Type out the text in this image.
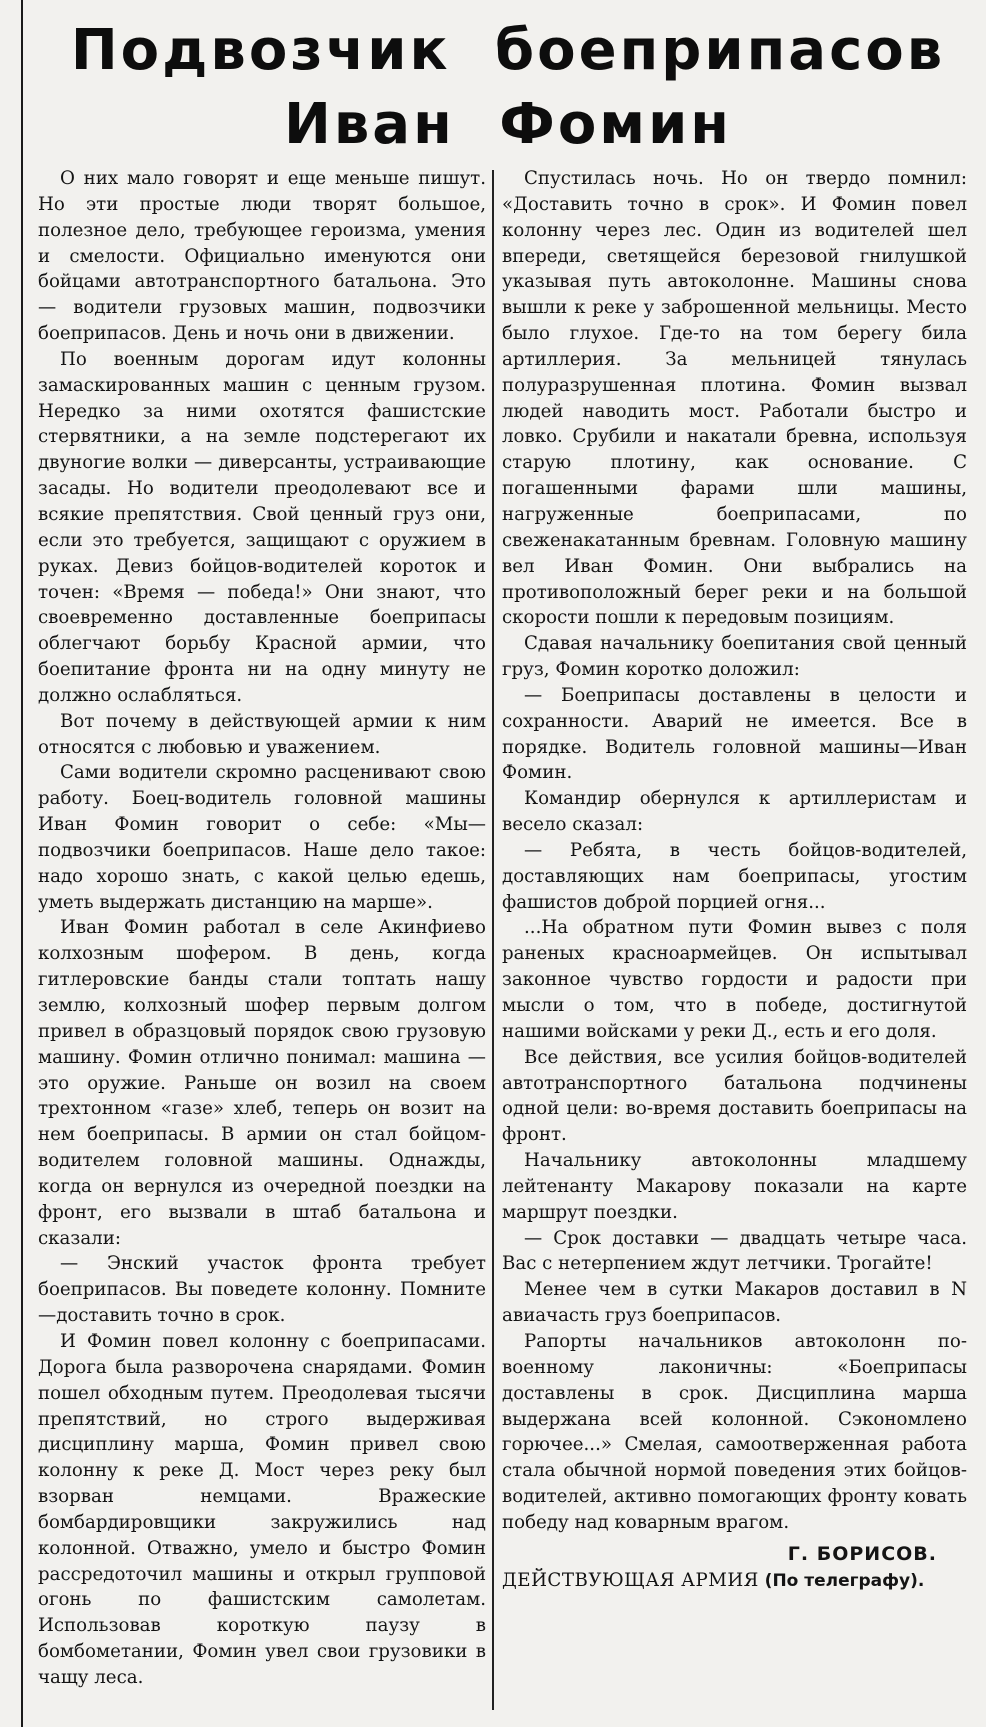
Подвозчик боеприпасов
Иван Фомин

О них мало говорят и еще меньше пишут. Но эти простые люди творят большое, полезное дело, требующее героизма, умения и смелости. Официально именуются они бойцами автотранспортного батальона. Это — водители грузовых машин, подвозчики боеприпасов. День и ночь они в движении.

По военным дорогам идут колонны замаскированных машин с ценным грузом. Нередко за ними охотятся фашистские стервятники, а на земле подстерегают их двуногие волки — диверсанты, устраивающие засады. Но водители преодолевают все и всякие препятствия. Свой ценный груз они, если это требуется, защищают с оружием в руках. Девиз бойцов-водителей короток и точен: «Время — победа!» Они знают, что своевременно доставленные боеприпасы облегчают борьбу Красной армии, что боепитание фронта ни на одну минуту не должно ослабляться.

Вот почему в действующей армии к ним относятся с любовью и уважением.

Сами водители скромно расценивают свою работу. Боец-водитель головной машины Иван Фомин говорит о себе: «Мы—подвозчики боеприпасов. Наше дело такое: надо хорошо знать, с какой целью едешь, уметь выдержать дистанцию на марше».

Иван Фомин работал в селе Акинфиево колхозным шофером. В день, когда гитлеровские банды стали топтать нашу землю, колхозный шофер первым долгом привел в образцовый порядок свою грузовую машину. Фомин отлично понимал: машина — это оружие. Раньше он возил на своем трехтонном «газе» хлеб, теперь он возит на нем боеприпасы. В армии он стал бойцом-водителем головной машины. Однажды, когда он вернулся из очередной поездки на фронт, его вызвали в штаб батальона и сказали:

— Энский участок фронта требует боеприпасов. Вы поведете колонну. Помните—доставить точно в срок.

И Фомин повел колонну с боеприпасами. Дорога была разворочена снарядами. Фомин пошел обходным путем. Преодолевая тысячи препятствий, но строго выдерживая дисциплину марша, Фомин привел свою колонну к реке Д. Мост через реку был взорван немцами. Вражеские бомбардировщики закружились над колонной. Отважно, умело и быстро Фомин рассредоточил машины и открыл групповой огонь по фашистским самолетам. Использовав короткую паузу в бомбометании, Фомин увел свои грузовики в чащу леса.

Спустилась ночь. Но он твердо помнил: «Доставить точно в срок». И Фомин повел колонну через лес. Один из водителей шел впереди, светящейся березовой гнилушкой указывая путь автоколонне. Машины снова вышли к реке у заброшенной мельницы. Место было глухое. Где-то на том берегу била артиллерия. За мельницей тянулась полуразрушенная плотина. Фомин вызвал людей наводить мост. Работали быстро и ловко. Срубили и накатали бревна, используя старую плотину, как основание. С погашенными фарами шли машины, нагруженные боеприпасами, по свеженакатанным бревнам. Головную машину вел Иван Фомин. Они выбрались на противоположный берег реки и на большой скорости пошли к передовым позициям.

Сдавая начальнику боепитания свой ценный груз, Фомин коротко доложил:

— Боеприпасы доставлены в целости и сохранности. Аварий не имеется. Все в порядке. Водитель головной машины—Иван Фомин.

Командир обернулся к артиллеристам и весело сказал:

— Ребята, в честь бойцов-водителей, доставляющих нам боеприпасы, угостим фашистов доброй порцией огня...

...На обратном пути Фомин вывез с поля раненых красноармейцев. Он испытывал законное чувство гордости и радости при мысли о том, что в победе, достигнутой нашими войсками у реки Д., есть и его доля.

Все действия, все усилия бойцов-водителей автотранспортного батальона подчинены одной цели: во-время доставить боеприпасы на фронт.

Начальнику автоколонны младшему лейтенанту Макарову показали на карте маршрут поездки.

— Срок доставки — двадцать четыре часа. Вас с нетерпением ждут летчики. Трогайте!

Менее чем в сутки Макаров доставил в N авиачасть груз боеприпасов.

Рапорты начальников автоколонн по-военному лаконичны: «Боеприпасы доставлены в срок. Дисциплина марша выдержана всей колонной. Сэкономлено горючее...» Смелая, самоотверженная работа стала обычной нормой поведения этих бойцов-водителей, активно помогающих фронту ковать победу над коварным врагом.

Г. БОРИСОВ.

ДЕЙСТВУЮЩАЯ АРМИЯ (По телеграфу).
